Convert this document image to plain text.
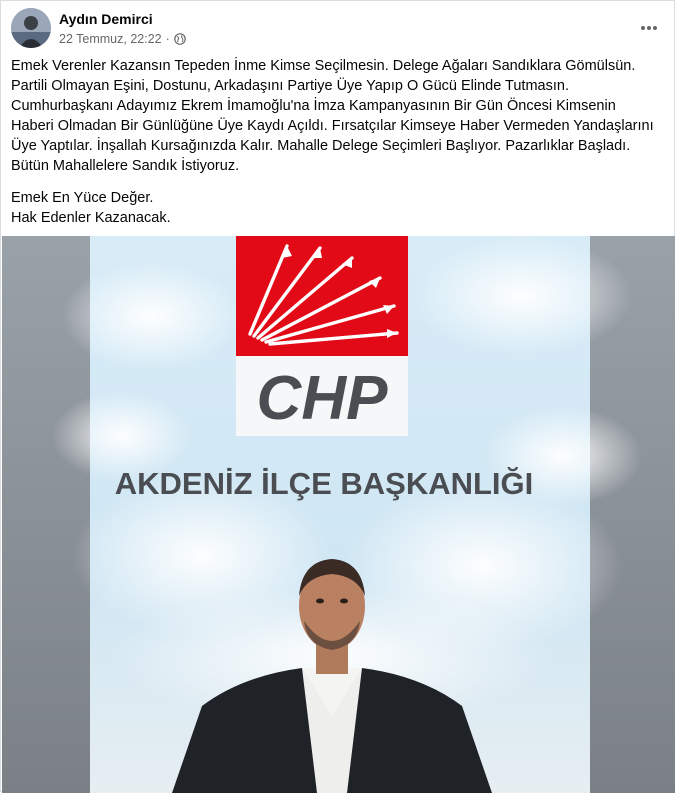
Aydın Demirci
22 Temmuz, 22:22 ·

Emek Verenler Kazansın Tepeden İnme Kimse Seçilmesin. Delege Ağaları Sandıklara Gömülsün. Partili Olmayan Eşini, Dostunu, Arkadaşını Partiye Üye Yapıp O Gücü Elinde Tutmasın. Cumhurbaşkanı Adayımız Ekrem İmamoğlu'na İmza Kampanyasının Bir Gün Öncesi Kimsenin Haberi Olmadan Bir Günlüğüne Üye Kaydı Açıldı. Fırsatçılar Kimseye Haber Vermeden Yandaşlarını Üye Yaptılar. İnşallah Kursağınızda Kalır. Mahalle Delege Seçimleri Başlıyor. Pazarlıklar Başladı. Bütün Mahallelere Sandık İstiyoruz.

Emek En Yüce Değer.

Hak Edenler Kazanacak.

CHP
AKDENİZ İLÇE BAŞKANLIĞI
